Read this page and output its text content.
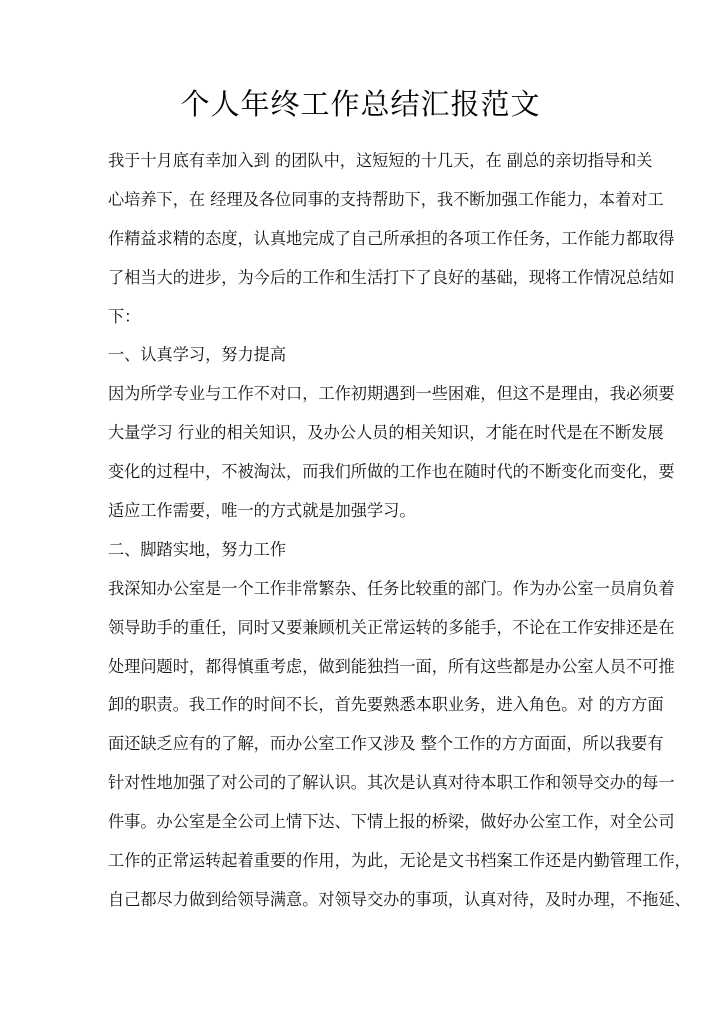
个人年终工作总结汇报范文
我于十月底有幸加入到 的团队中，这短短的十几天，在 副总的亲切指导和关
心培养下，在 经理及各位同事的支持帮助下，我不断加强工作能力，本着对工
作精益求精的态度，认真地完成了自己所承担的各项工作任务，工作能力都取得
了相当大的进步，为今后的工作和生活打下了良好的基础，现将工作情况总结如
下：
一、认真学习，努力提高
因为所学专业与工作不对口，工作初期遇到一些困难，但这不是理由，我必须要
大量学习 行业的相关知识，及办公人员的相关知识，才能在时代是在不断发展
变化的过程中，不被淘汰，而我们所做的工作也在随时代的不断变化而变化，要
适应工作需要，唯一的方式就是加强学习。
二、脚踏实地，努力工作
我深知办公室是一个工作非常繁杂、任务比较重的部门。作为办公室一员肩负着
领导助手的重任，同时又要兼顾机关正常运转的多能手，不论在工作安排还是在
处理问题时，都得慎重考虑，做到能独挡一面，所有这些都是办公室人员不可推
卸的职责。我工作的时间不长，首先要熟悉本职业务，进入角色。对 的方方面
面还缺乏应有的了解，而办公室工作又涉及 整个工作的方方面面，所以我要有
针对性地加强了对公司的了解认识。其次是认真对待本职工作和领导交办的每一
件事。办公室是全公司上情下达、下情上报的桥梁，做好办公室工作，对全公司
工作的正常运转起着重要的作用，为此，无论是文书档案工作还是内勤管理工作，
自己都尽力做到给领导满意。对领导交办的事项，认真对待，及时办理，不拖延、
